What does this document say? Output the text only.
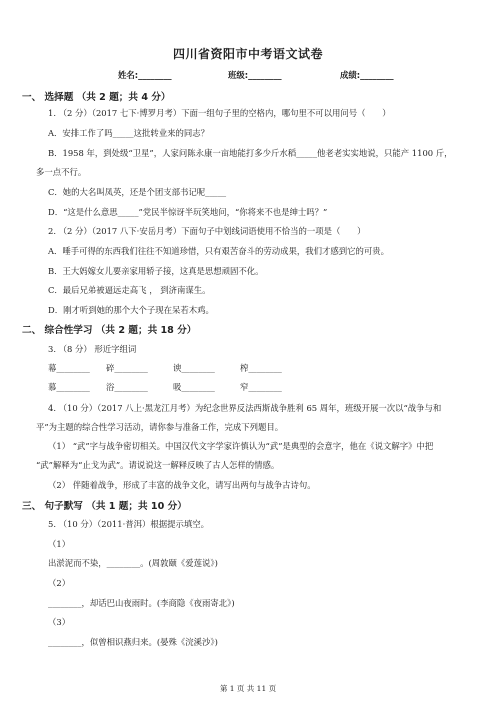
四川省资阳市中考语文试卷
姓名:________	班级:________	成绩:________
一、 选择题 （共 2 题；共 4 分）
1. （2 分）（2017 七下·博罗月考）下面一组句子里的空格内，哪句里不可以用问号（　　）
A．安排工作了吗_____这批转业来的同志？
B．1958 年，到处级“卫星”，人家问陈永康一亩地能打多少斤水稻_____他老老实实地说，只能产 1100 斤，
多一点不行。
C．她的大名叫凤英，还是个团支部书记呢_____
D．“这是什么意思_____”党民半惊讶半玩笑地问，“你将来不也是绅士吗？”
2. （2 分）（2017 八下·安岳月考）下面句子中划线词语使用不恰当的一项是（　　）
A．唾手可得的东西我们往往不知道珍惜，只有艰苦奋斗的劳动成果，我们才感到它的可贵。
B．王大妈嫁女儿要亲家用轿子接，这真是思想顽固不化。
C．最后兄弟被逼远走高飞 ， 到济南谋生。
D．刚才听到她的那个大个子现在呆若木鸡。
二、 综合性学习 （共 2 题；共 18 分）
3. （8 分） 形近字组词
幕________	碎________	谀________	榨________
慕________	浴________	吸________	窄________
4. （10 分）（2017 八上·黑龙江月考）为纪念世界反法西斯战争胜利 65 周年，班级开展一次以“战争与和
平”为主题的综合性学习活动，请你参与准备工作，完成下列题目。
（1） “武”字与战争密切相关。中国汉代文字学家许慎认为“武”是典型的会意字，他在《说文解字》中把
“武”解释为“止戈为武”。请说说这一解释反映了古人怎样的情感。
（2） 伴随着战争，形成了丰富的战争文化，请写出两句与战争古诗句。
三、 句子默写 （共 1 题；共 10 分）
5. （10 分）（2011·普洱）根据提示填空。
（1）
出淤泥而不染，________。(周敦颐《爱莲说》)
（2）
________，却话巴山夜雨时。(李商隐《夜雨寄北》)
（3）
________，似曾相识燕归来。(晏殊《浣溪沙》)
第 1 页 共 11 页
